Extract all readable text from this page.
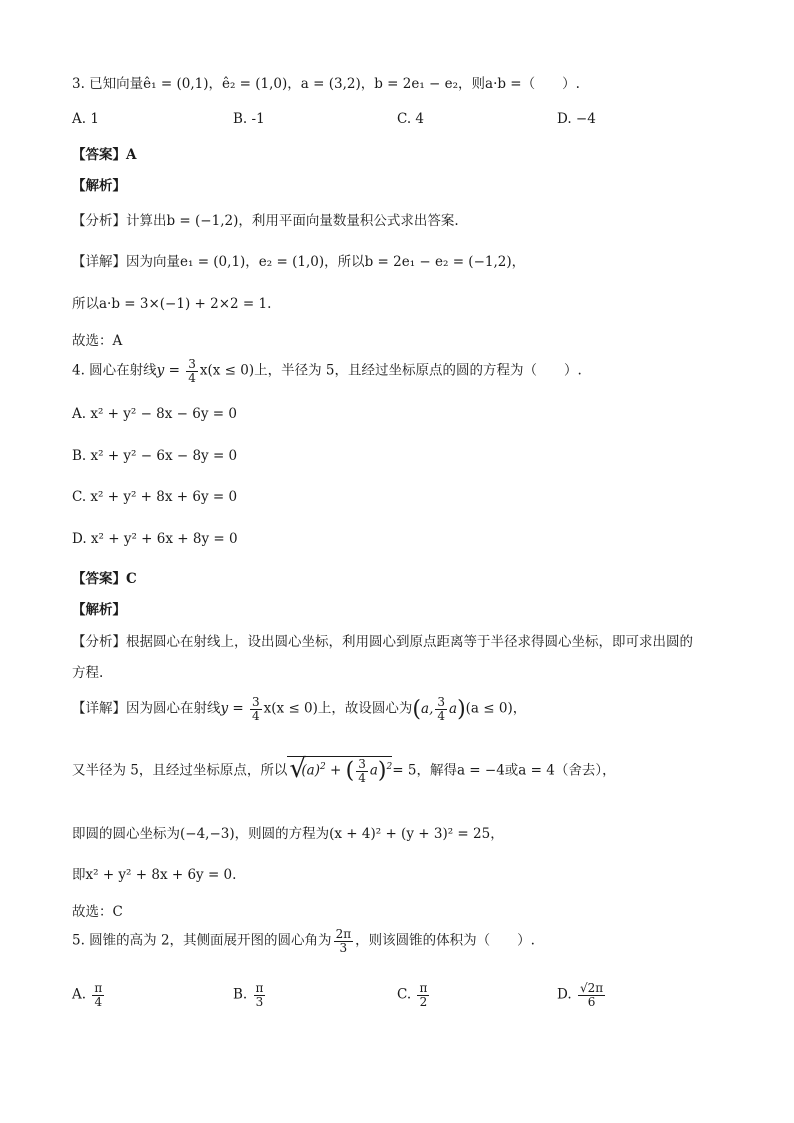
3. 已知向量ê₁ = (0,1)，ê₂ = (1,0)，a = (3,2)，b = 2e₁ − e₂，则a·b =（　　）.
A. 1	B. -1	C. 4	D. −4
【答案】A
【解析】
【分析】计算出b = (−1,2)，利用平面向量数量积公式求出答案.
【详解】因为向量e₁ = (0,1)，e₂ = (1,0)，所以b = 2e₁ − e₂ = (−1,2)，
所以a·b = 3×(−1) + 2×2 = 1.
故选：A
4. 圆心在射线$y = \frac{3}{4} x(x \le 0)$上，半径为 5，且经过坐标原点的圆的方程为（　　）.
A. x² + y² − 8x − 6y = 0
B. x² + y² − 6x − 8y = 0
C. x² + y² + 8x + 6y = 0
D. x² + y² + 6x + 8y = 0
【答案】C
【解析】
【分析】根据圆心在射线上，设出圆心坐标，利用圆心到原点距离等于半径求得圆心坐标，即可求出圆的
方程.
【详解】因为圆心在射线$y = \frac{3}{4} x(x \le 0)$上，故设圆心为(a, $\frac{3}{4} a)(a \le 0)$，
又半径为 5，且经过坐标原点，所以 √
$(a)^2$ + ( $\frac{3}{4} a)^2= 5$，解得a = −4或a = 4（舍去），
即圆的圆心坐标为(−4,−3)，则圆的方程为(x + 4)² + (y + 3)² = 25，
即x² + y² + 8x + 6y = 0.
故选：C
5. 圆锥的高为 2，其侧面展开图的圆心角为 $\frac{2\pi}{3}$ ，则该圆锥的体积为（　　）.
A. $\frac{\pi}{4}$	B. $\frac{\pi}{3}$	C. $\frac{\pi}{2}$	D. $\frac{√2\pi}{6}$
